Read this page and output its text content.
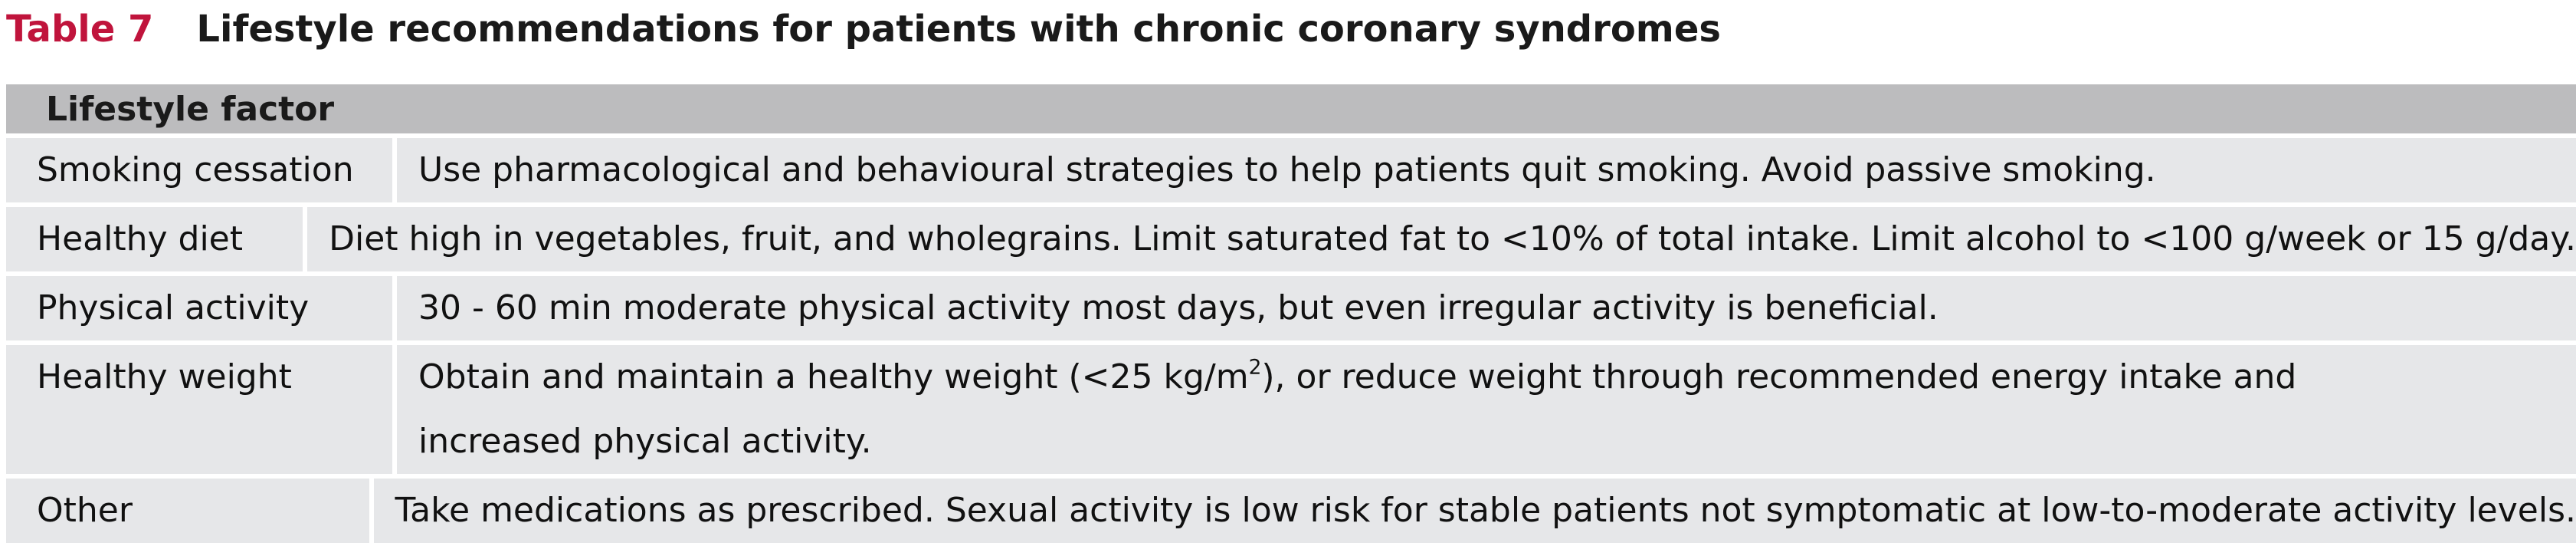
Table 7 Lifestyle recommendations for patients with chronic coronary syndromes
Lifestyle factor
Smoking cessation	Use pharmacological and behavioural strategies to help patients quit smoking. Avoid passive smoking.
Healthy diet	Diet high in vegetables, fruit, and wholegrains. Limit saturated fat to <10% of total intake. Limit alcohol to <100 g/week or 15 g/day.
Physical activity	30 - 60 min moderate physical activity most days, but even irregular activity is beneficial.
Healthy weight	Obtain and maintain a healthy weight (<25 $kg/m^2$), or reduce weight through recommended energy intake and increased physical activity.
Other	Take medications as prescribed. Sexual activity is low risk for stable patients not symptomatic at low-to-moderate activity levels.
